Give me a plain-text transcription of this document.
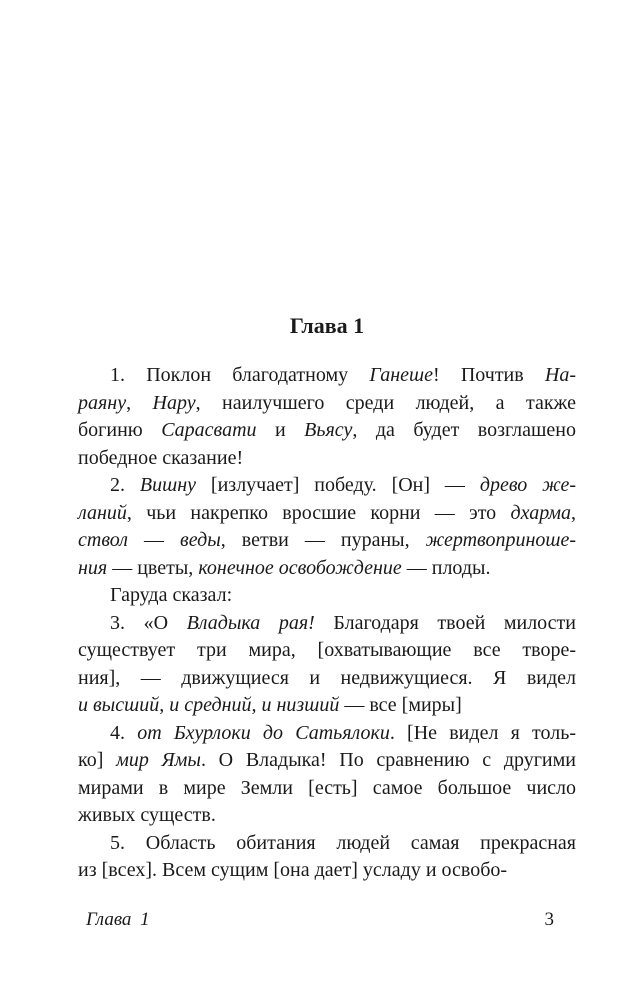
Глава 1
1. Поклон благодатному Ганеше! Почтив На-
раяну, Нару, наилучшего среди людей, а также
богиню Сарасвати и Вьясу, да будет возглашено
победное сказание!
2. Вишну [излучает] победу. [Он] — древо же-
ланий, чьи накрепко вросшие корни — это дхарма,
ствол — веды, ветви — пураны, жертвоприноше-
ния — цветы, конечное освобождение — плоды.
Гаруда сказал:
3. «О Владыка рая! Благодаря твоей милости
существует три мира, [охватывающие все творе-
ния], — движущиеся и недвижущиеся. Я видел
и высший, и средний, и низший — все [миры]
4. от Бхурлоки до Сатьялоки. [Не видел я толь-
ко] мир Ямы. О Владыка! По сравнению с другими
мирами в мире Земли [есть] самое большое число
живых существ.
5. Область обитания людей самая прекрасная
из [всех]. Всем сущим [она дает] усладу и освобо-
Глава 1	3
